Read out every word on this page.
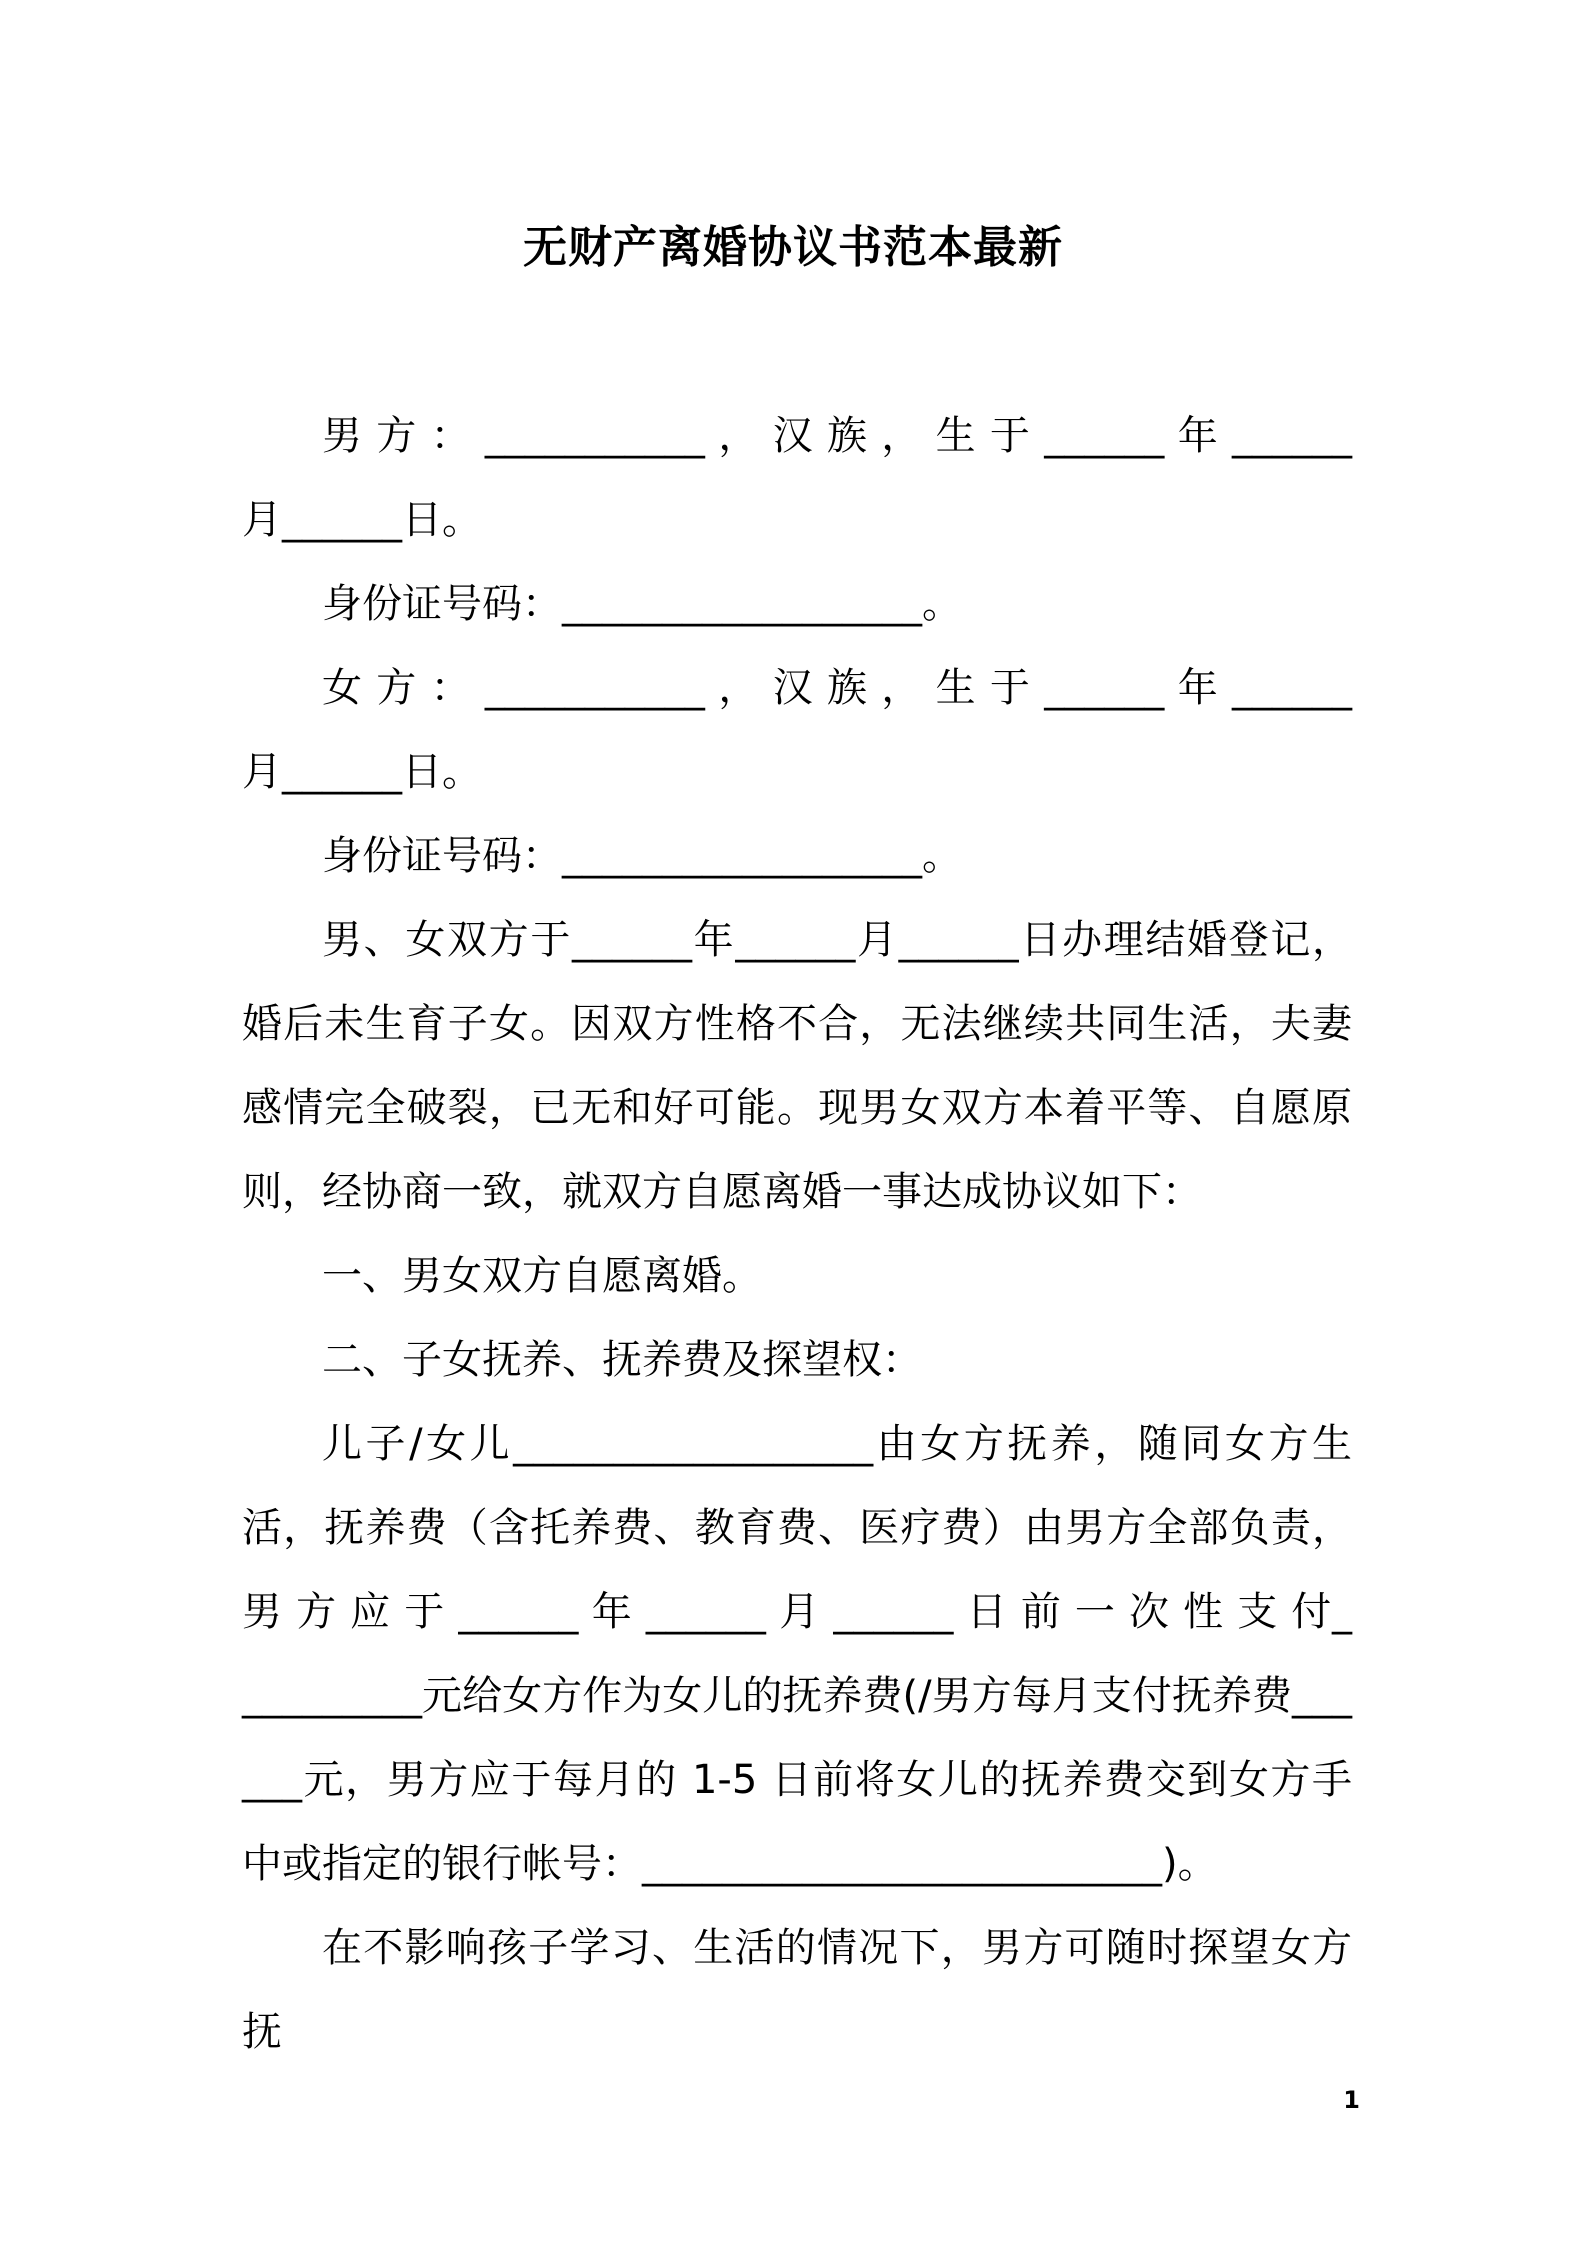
无财产离婚协议书范本最新

男 方 ： ___________ ， 汉 族 ， 生 于 ______ 年 ______ 月______日。

身份证号码：__________________。

女 方 ： ___________ ， 汉 族 ， 生 于 ______ 年 ______ 月______日。

身份证号码：__________________。

男、女双方于______年______月______日办理结婚登记，婚后未生育子女。因双方性格不合，无法继续共同生活，夫妻感情完全破裂，已无和好可能。现男女双方本着平等、自愿原则，经协商一致，就双方自愿离婚一事达成协议如下：

一、男女双方自愿离婚。

二、子女抚养、抚养费及探望权：

儿子/女儿__________________由女方抚养，随同女方生活，抚养费（含托养费、教育费、医疗费）由男方全部负责，男 方 应 于 ______ 年 ______ 月 ______ 日 前 一 次 性 支 付__________元给女方作为女儿的抚养费(/男方每月支付抚养费______元，男方应于每月的 1-5 日前将女儿的抚养费交到女方手中或指定的银行帐号：__________________________)。

在不影响孩子学习、生活的情况下，男方可随时探望女方抚

1
